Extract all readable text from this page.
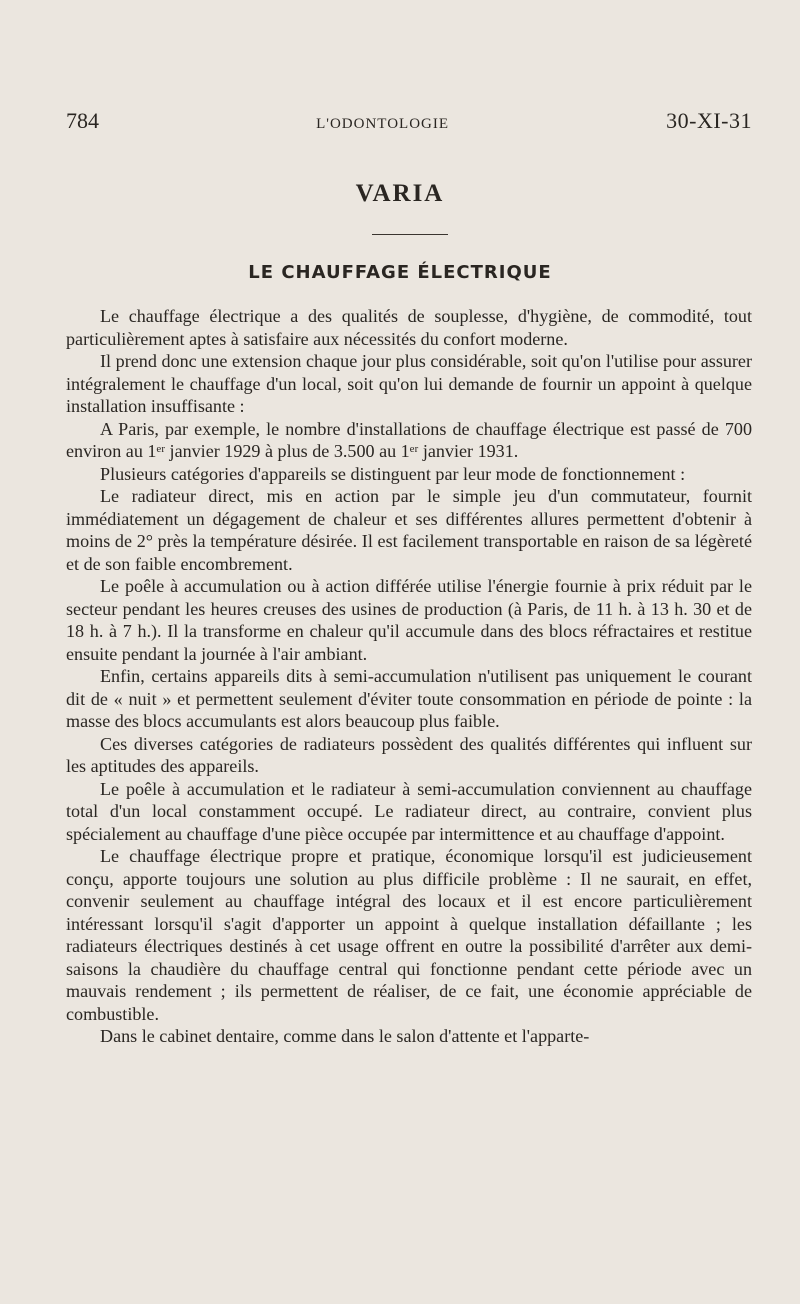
784	L'ODONTOLOGIE	30-XI-31
VARIA
LE CHAUFFAGE ÉLECTRIQUE

Le chauffage électrique a des qualités de souplesse, d'hygiène, de commodité, tout particulièrement aptes à satisfaire aux nécessités du confort moderne.

Il prend donc une extension chaque jour plus considérable, soit qu'on l'utilise pour assurer intégralement le chauffage d'un local, soit qu'on lui demande de fournir un appoint à quelque installation insuffisante :

A Paris, par exemple, le nombre d'installations de chauffage électrique est passé de 700 environ au 1ᵉʳ janvier 1929 à plus de 3.500 au 1ᵉʳ janvier 1931.

Plusieurs catégories d'appareils se distinguent par leur mode de fonctionnement :

Le radiateur direct, mis en action par le simple jeu d'un commutateur, fournit immédiatement un dégagement de chaleur et ses différentes allures permettent d'obtenir à moins de 2° près la température désirée. Il est facilement transportable en raison de sa légèreté et de son faible encombrement.

Le poêle à accumulation ou à action différée utilise l'énergie fournie à prix réduit par le secteur pendant les heures creuses des usines de production (à Paris, de 11 h. à 13 h. 30 et de 18 h. à 7 h.). Il la transforme en chaleur qu'il accumule dans des blocs réfractaires et restitue ensuite pendant la journée à l'air ambiant.

Enfin, certains appareils dits à semi-accumulation n'utilisent pas uniquement le courant dit de « nuit » et permettent seulement d'éviter toute consommation en période de pointe : la masse des blocs accumulants est alors beaucoup plus faible.

Ces diverses catégories de radiateurs possèdent des qualités différentes qui influent sur les aptitudes des appareils.

Le poêle à accumulation et le radiateur à semi-accumulation conviennent au chauffage total d'un local constamment occupé. Le radiateur direct, au contraire, convient plus spécialement au chauffage d'une pièce occupée par intermittence et au chauffage d'appoint.

Le chauffage électrique propre et pratique, économique lorsqu'il est judicieusement conçu, apporte toujours une solution au plus difficile problème : Il ne saurait, en effet, convenir seulement au chauffage intégral des locaux et il est encore particulièrement intéressant lorsqu'il s'agit d'apporter un appoint à quelque installation défaillante ; les radiateurs électriques destinés à cet usage offrent en outre la possibilité d'arrêter aux demi-saisons la chaudière du chauffage central qui fonctionne pendant cette période avec un mauvais rendement ; ils permettent de réaliser, de ce fait, une économie appréciable de combustible.

Dans le cabinet dentaire, comme dans le salon d'attente et l'apparte-
